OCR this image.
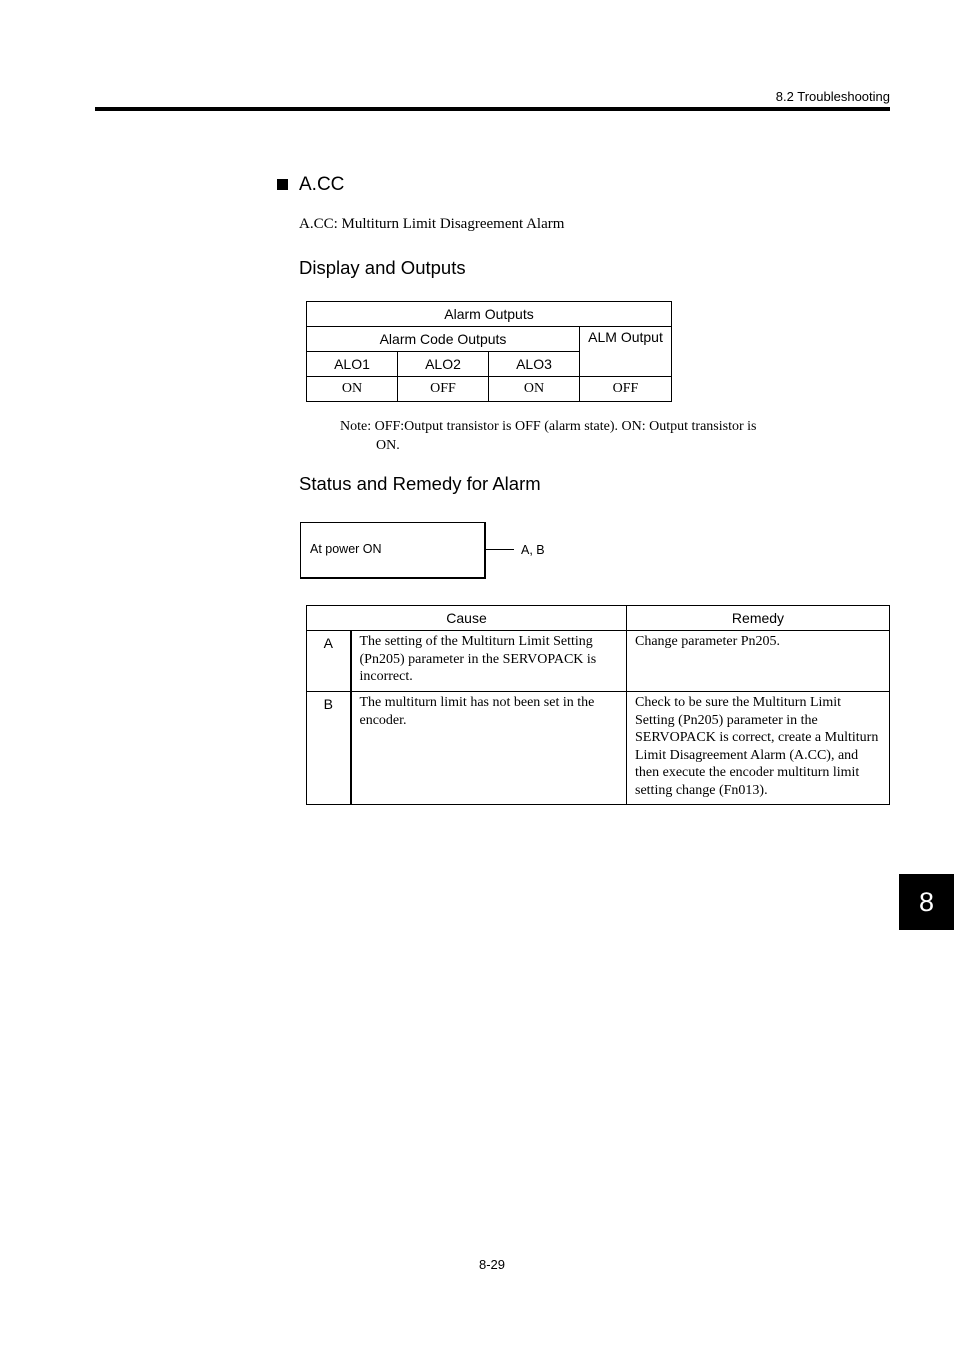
8.2 Troubleshooting
A.CC
A.CC: Multiturn Limit Disagreement Alarm
Display and Outputs
Alarm Outputs			
Alarm Code Outputs			ALM Output
ALO1	ALO2	ALO3	
ON	OFF	ON	OFF
Note: OFF:Output transistor is OFF (alarm state). ON: Output transistor is
ON.
Status and Remedy for Alarm
At power ON	A, B
Cause		Remedy
A	The setting of the Multiturn Limit Setting (Pn205) parameter in the SERVOPACK is incorrect.	Change parameter Pn205.
B	The multiturn limit has not been set in the encoder.	Check to be sure the Multiturn Limit Setting (Pn205) parameter in the SERVOPACK is correct, create a Multiturn Limit Disagreement Alarm (A.CC), and then execute the encoder multiturn limit setting change (Fn013).
8
8-29
